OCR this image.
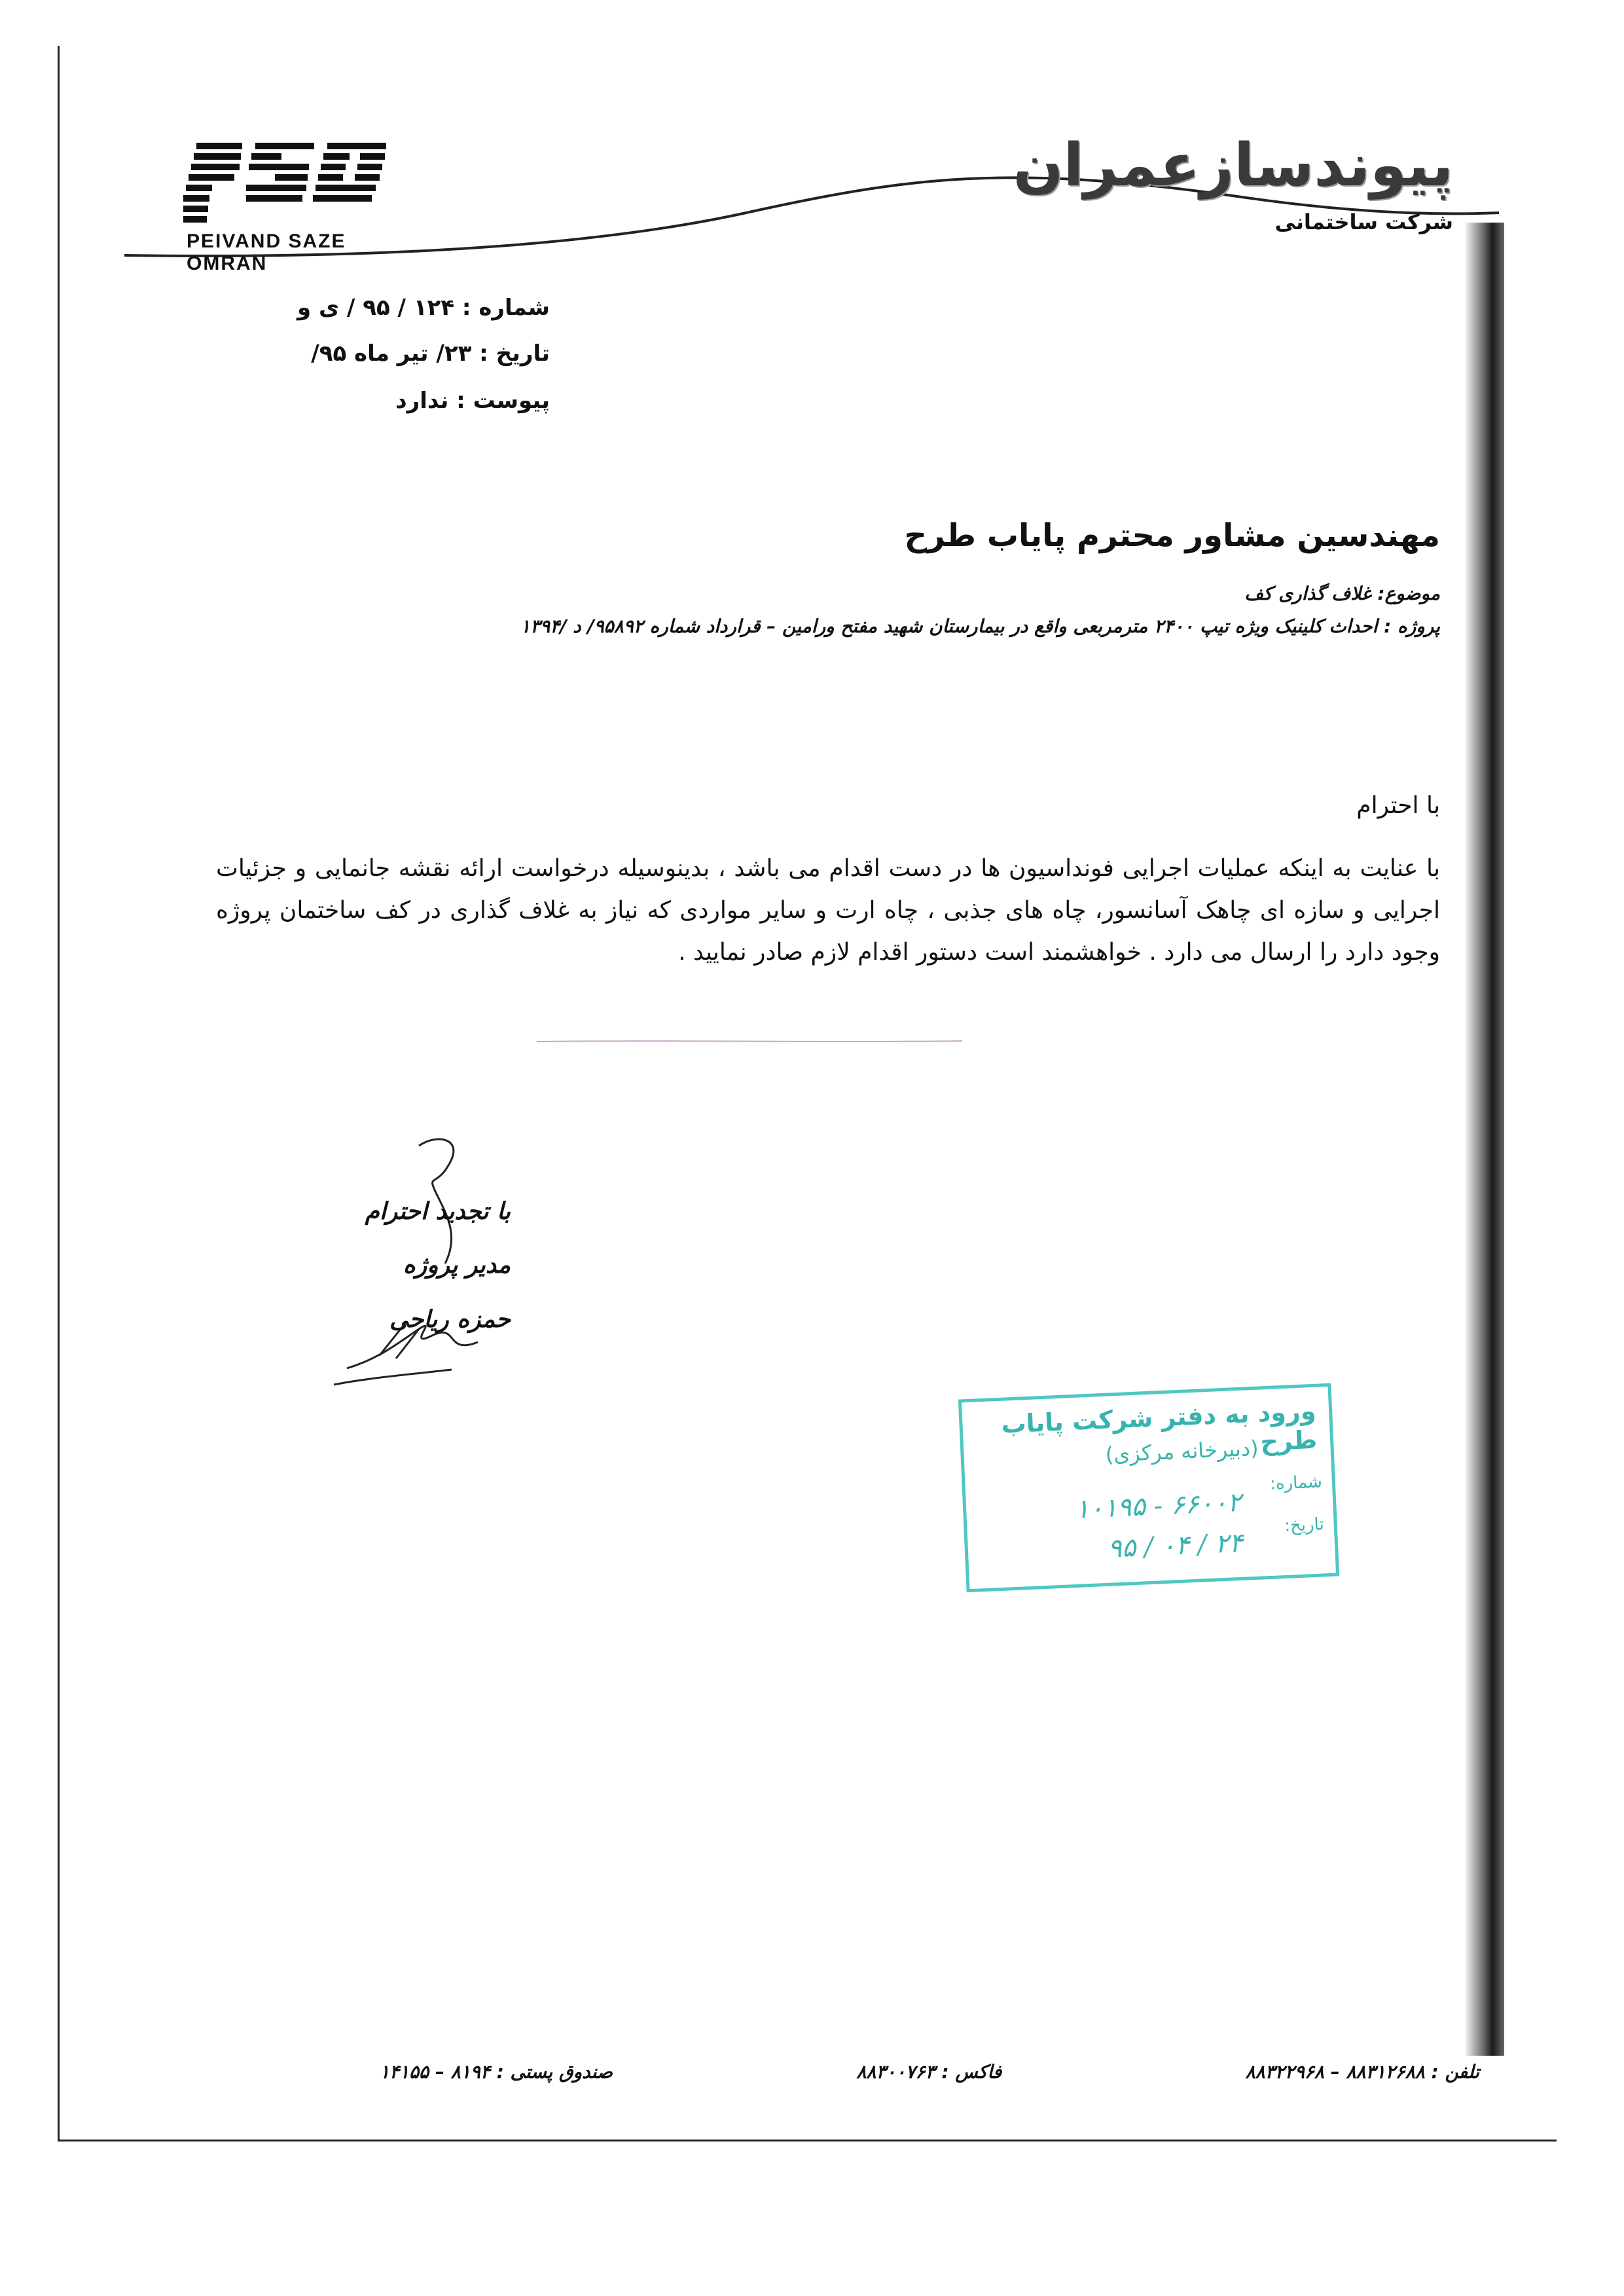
PEIVAND SAZE OMRAN
پیوندسازعمران
شرکت ساختمانی
شماره : ۱۲۴ / ۹۵ / ی و
تاریخ : ۲۳/ تیر ماه ۹۵/
پیوست : ندارد
مهندسین مشاور محترم پایاب طرح
موضوع: غلاف گذاری کف
پروژه : احداث کلینیک ویژه تیپ ۲۴۰۰ مترمربعی واقع در بیمارستان شهید مفتح ورامین – قرارداد شماره ۹۵۸۹۲/ د /۱۳۹۴
با احترام
با عنایت به اینکه عملیات اجرایی فونداسیون ها در دست اقدام می باشد ، بدینوسیله درخواست ارائه نقشه جانمایی و جزئیات اجرایی و سازه ای چاهک آسانسور، چاه های جذبی ، چاه ارت و سایر مواردی که نیاز به غلاف گذاری در کف ساختمان پروژه وجود دارد را ارسال می دارد . خواهشمند است دستور اقدام لازم صادر نمایید .
با تجدید احترام
مدیر پروژه
حمزه ریاحی
ورود به دفتر شرکت پایاب طرح
(دبیرخانه مرکزی)
شماره:
۱۰۱۹۵ - ۶۶۰۰۲
تاریخ:
۹۵ / ۰۴ / ۲۴
تلفن : ۸۸۳۱۲۶۸۸ – ۸۸۳۲۲۹۶۸
فاکس : ۸۸۳۰۰۷۶۳
صندوق پستی : ۸۱۹۴ – ۱۴۱۵۵
